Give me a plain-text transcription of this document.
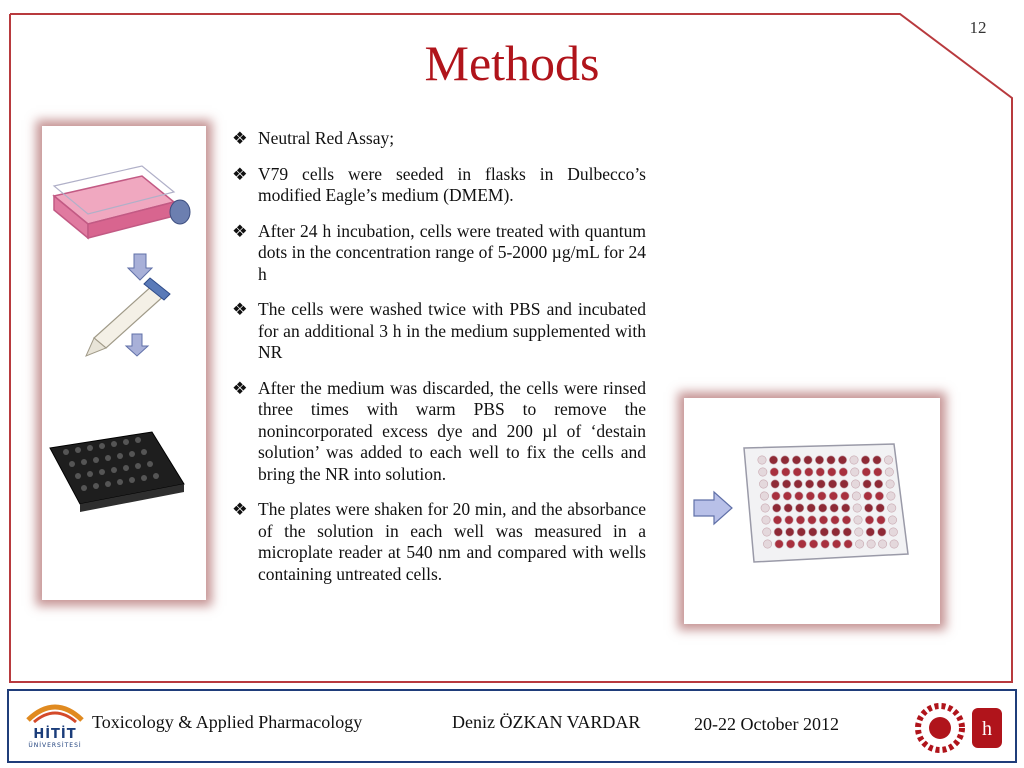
12
Methods
❖ Neutral Red Assay;
❖ V79 cells were seeded in flasks in Dulbecco’s modified Eagle’s medium (DMEM).
❖ After 24 h incubation, cells were treated with quantum dots in the concentration range of 5-2000 µg/mL for 24 h
❖ The cells were washed twice with PBS and incubated for an additional 3 h in the medium supplemented with NR
❖ After the medium was discarded, the cells were rinsed three times with warm PBS to remove the nonincorporated excess dye and 200 µl of ‘destain solution’ was added to each well to fix the cells and bring the NR into solution.
❖ The plates were shaken for 20 min, and the absorbance of the solution in each well was measured in a microplate reader at 540 nm and compared with wells containing untreated cells.
h
HİTİT
ÜNİVERSİTESİ
Toxicology & Applied Pharmacology	Deniz ÖZKAN VARDAR	20-22 October 2012
